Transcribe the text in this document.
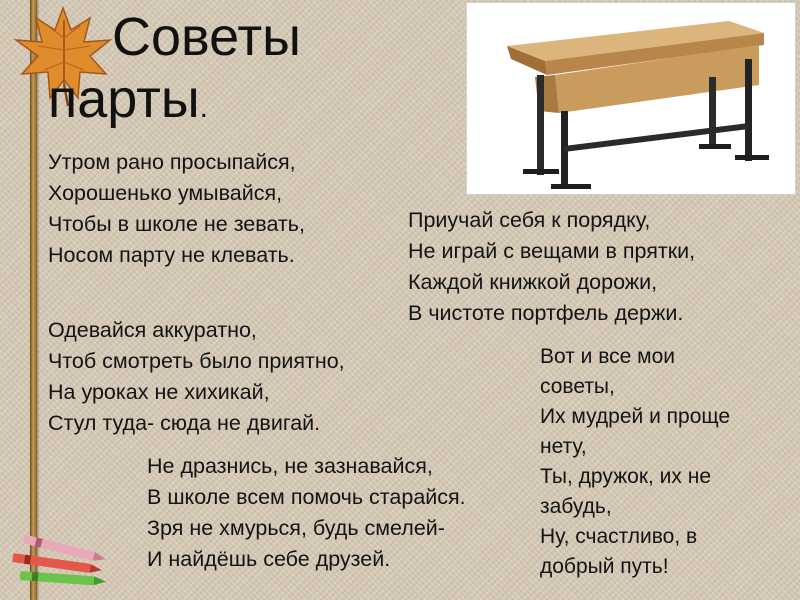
Советы
парты.
Утром рано просыпайся,
Хорошенько умывайся,
Чтобы в школе не зевать,
Носом парту не клевать.
Приучай себя к порядку,
Не играй с вещами в прятки,
Каждой книжкой дорожи,
В чистоте портфель держи.
Одевайся аккуратно,
Чтоб смотреть было приятно,
На уроках не хихикай,
Стул туда- сюда не двигай.
Вот и все мои
советы,
Их мудрей и проще
нету,
Ты, дружок, их не
забудь,
Ну, счастливо, в
добрый путь!
Не дразнись, не зазнавайся,
В школе всем помочь старайся.
Зря не хмурься, будь смелей-
И найдёшь себе друзей.
